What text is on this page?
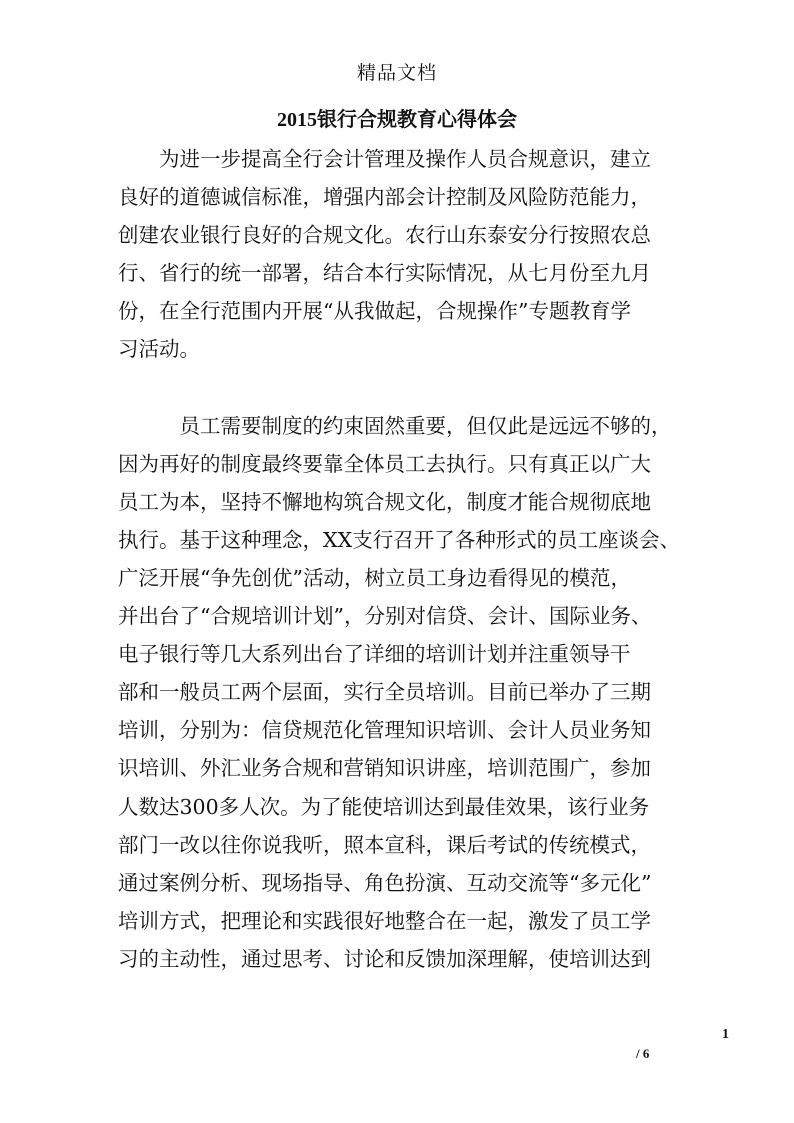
精品文档
2015银行合规教育心得体会
　　为进一步提高全行会计管理及操作人员合规意识，建立
良好的道德诚信标准，增强内部会计控制及风险防范能力，
创建农业银行良好的合规文化。农行山东泰安分行按照农总
行、省行的统一部署，结合本行实际情况，从七月份至九月
份，在全行范围内开展“从我做起，合规操作”专题教育学
习活动。
　　　员工需要制度的约束固然重要，但仅此是远远不够的，
因为再好的制度最终要靠全体员工去执行。只有真正以广大
员工为本，坚持不懈地构筑合规文化，制度才能合规彻底地
执行。基于这种理念，XX支行召开了各种形式的员工座谈会、
广泛开展“争先创优”活动，树立员工身边看得见的模范，
并出台了“合规培训计划”，分别对信贷、会计、国际业务、
电子银行等几大系列出台了详细的培训计划并注重领导干
部和一般员工两个层面，实行全员培训。目前已举办了三期
培训，分别为：信贷规范化管理知识培训、会计人员业务知
识培训、外汇业务合规和营销知识讲座，培训范围广，参加
人数达300多人次。为了能使培训达到最佳效果，该行业务
部门一改以往你说我听，照本宣科，课后考试的传统模式，
通过案例分析、现场指导、角色扮演、互动交流等“多元化”
培训方式，把理论和实践很好地整合在一起，激发了员工学
习的主动性，通过思考、讨论和反馈加深理解，使培训达到
1
/ 6
